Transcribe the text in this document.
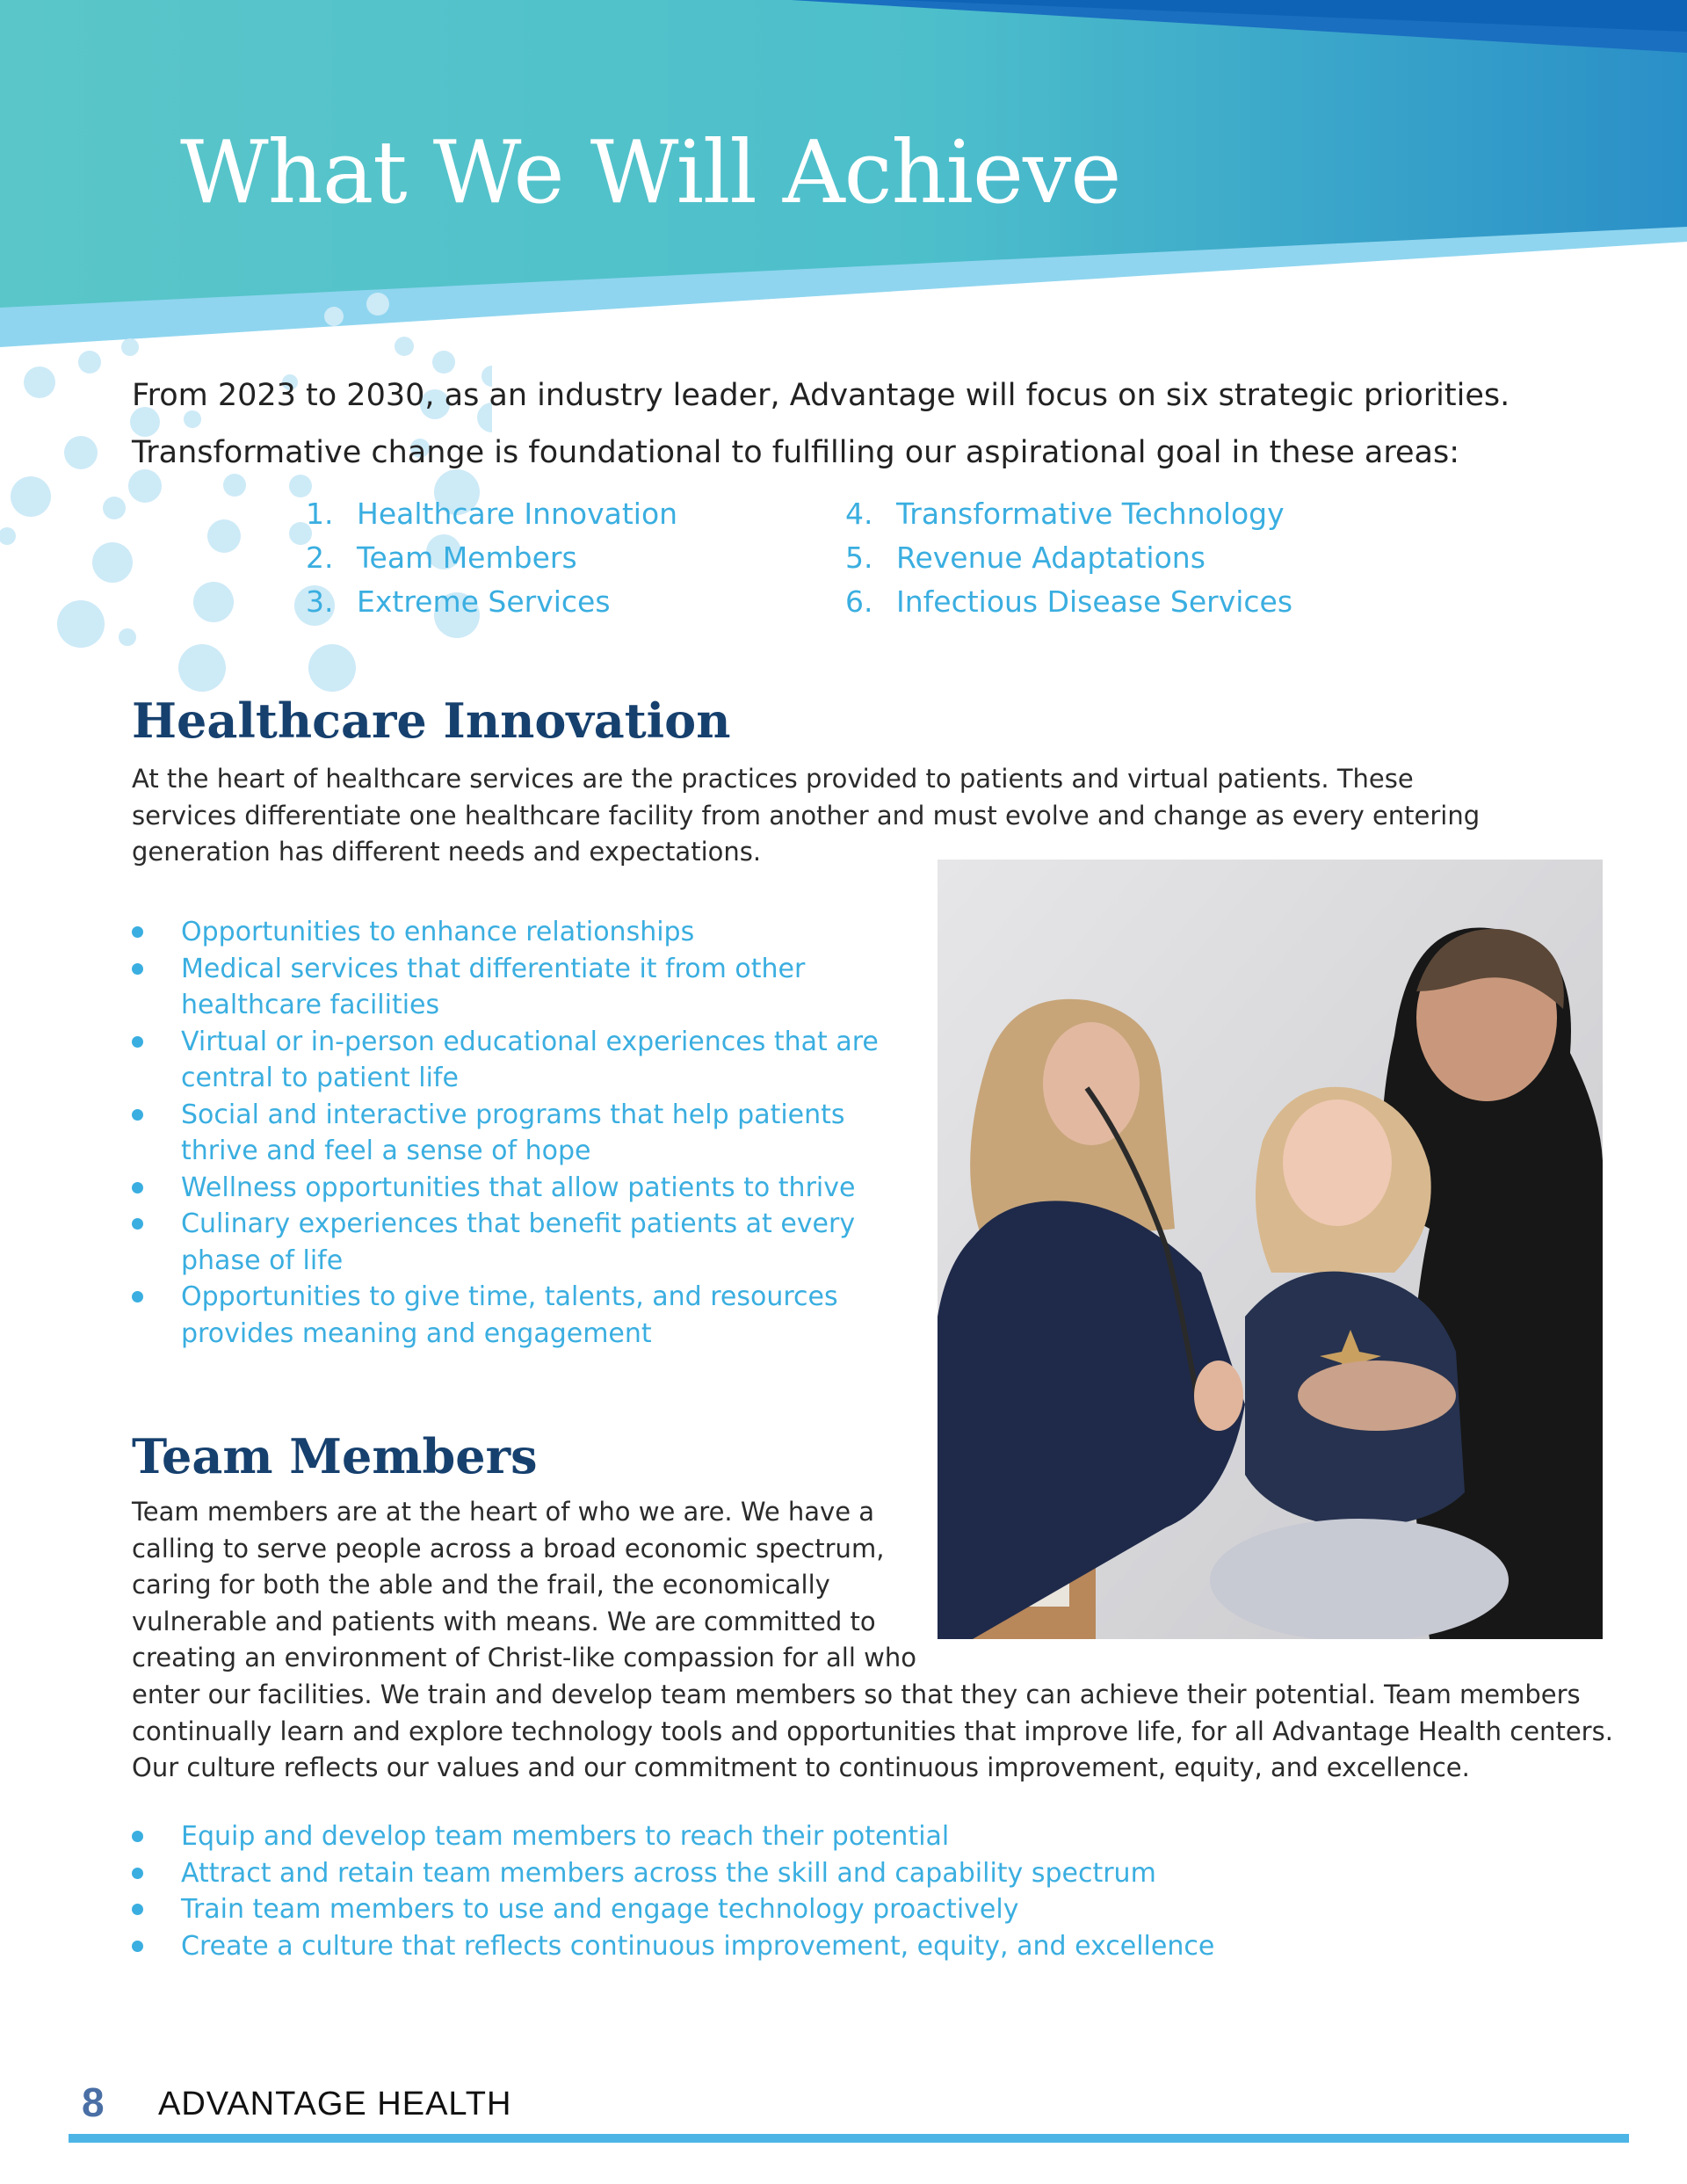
What We Will Achieve

From 2023 to 2030, as an industry leader, Advantage will focus on six strategic priorities.
Transformative change is foundational to fulfilling our aspirational goal in these areas:

1. Healthcare Innovation
2. Team Members
3. Extreme Services
4. Transformative Technology
5. Revenue Adaptations
6. Infectious Disease Services
Healthcare Innovation

At the heart of healthcare services are the practices provided to patients and virtual patients. These services differentiate one healthcare facility from another and must evolve and change as every entering generation has different needs and expectations.

Opportunities to enhance relationships
Medical services that differentiate it from other healthcare facilities
Virtual or in-person educational experiences that are central to patient life
Social and interactive programs that help patients thrive and feel a sense of hope
Wellness opportunities that allow patients to thrive
Culinary experiences that benefit patients at every phase of life
Opportunities to give time, talents, and resources provides meaning and engagement
Team Members

Team members are at the heart of who we are. We have a
calling to serve people across a broad economic spectrum,
caring for both the able and the frail, the economically
vulnerable and patients with means. We are committed to
creating an environment of Christ-like compassion for all who

enter our facilities. We train and develop team members so that they can achieve their potential. Team members
continually learn and explore technology tools and opportunities that improve life, for all Advantage Health centers.
Our culture reflects our values and our commitment to continuous improvement, equity, and excellence.

Equip and develop team members to reach their potential
Attract and retain team members across the skill and capability spectrum
Train team members to use and engage technology proactively
Create a culture that reflects continuous improvement, equity, and excellence

8 ADVANTAGE HEALTH
